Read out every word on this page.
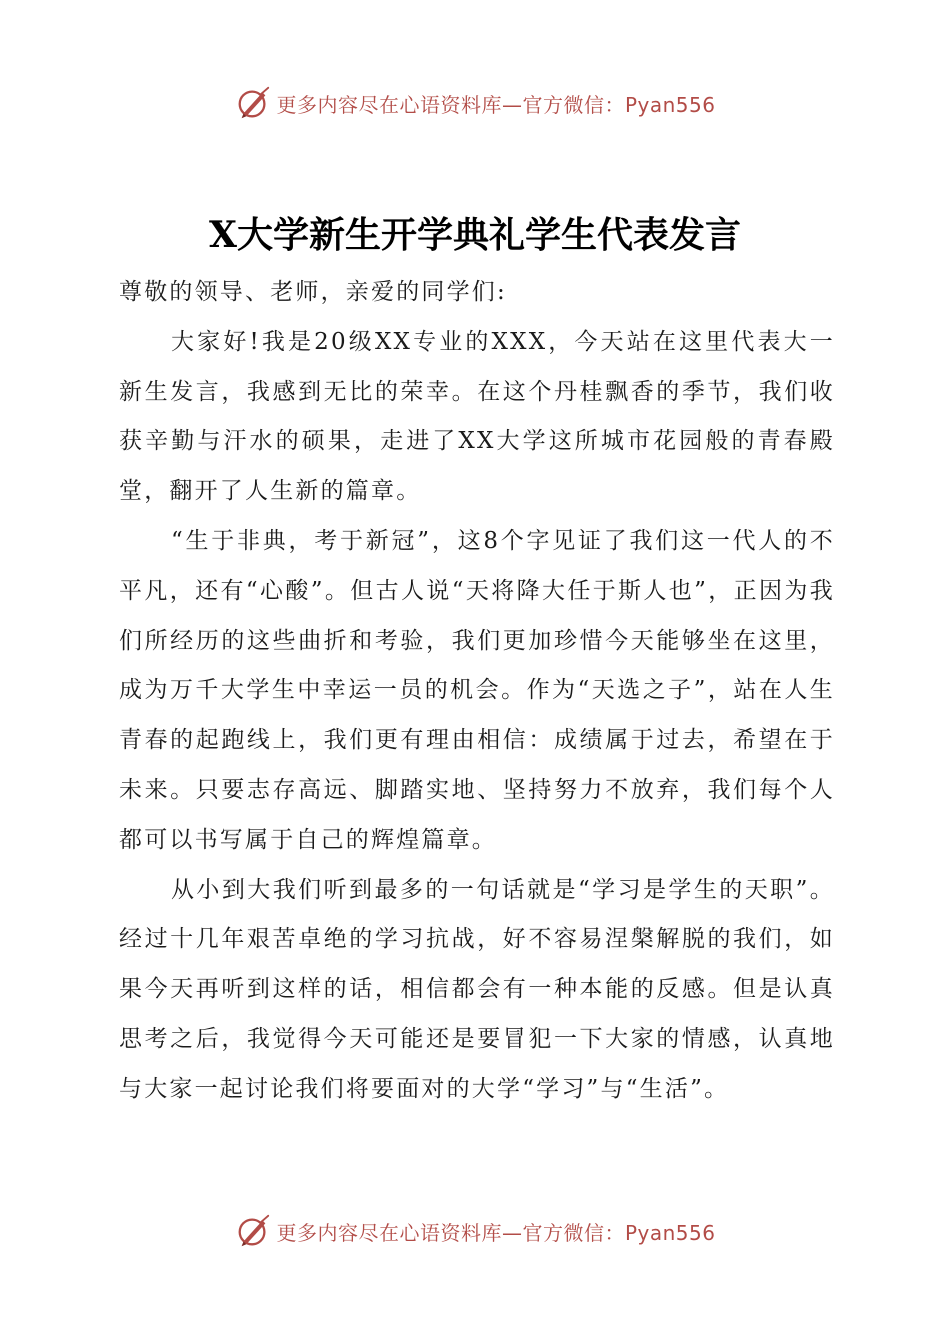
更多内容尽在心语资料库—官方微信：Pyan556
X大学新生开学典礼学生代表发言

尊敬的领导、老师，亲爱的同学们:

大家好!我是20级XX专业的XXX，今天站在这里代表大一新生发言，我感到无比的荣幸。在这个丹桂飘香的季节，我们收获辛勤与汗水的硕果，走进了XX大学这所城市花园般的青春殿堂，翻开了人生新的篇章。

“生于非典，考于新冠”，这8个字见证了我们这一代人的不平凡，还有“心酸”。但古人说“天将降大任于斯人也”，正因为我们所经历的这些曲折和考验，我们更加珍惜今天能够坐在这里，成为万千大学生中幸运一员的机会。作为“天选之子”，站在人生青春的起跑线上，我们更有理由相信：成绩属于过去，希望在于未来。只要志存高远、脚踏实地、坚持努力不放弃，我们每个人都可以书写属于自己的辉煌篇章。

从小到大我们听到最多的一句话就是“学习是学生的天职”。经过十几年艰苦卓绝的学习抗战，好不容易涅槃解脱的我们，如果今天再听到这样的话，相信都会有一种本能的反感。但是认真思考之后，我觉得今天可能还是要冒犯一下大家的情感，认真地与大家一起讨论我们将要面对的大学“学习”与“生活”。

更多内容尽在心语资料库—官方微信：Pyan556
